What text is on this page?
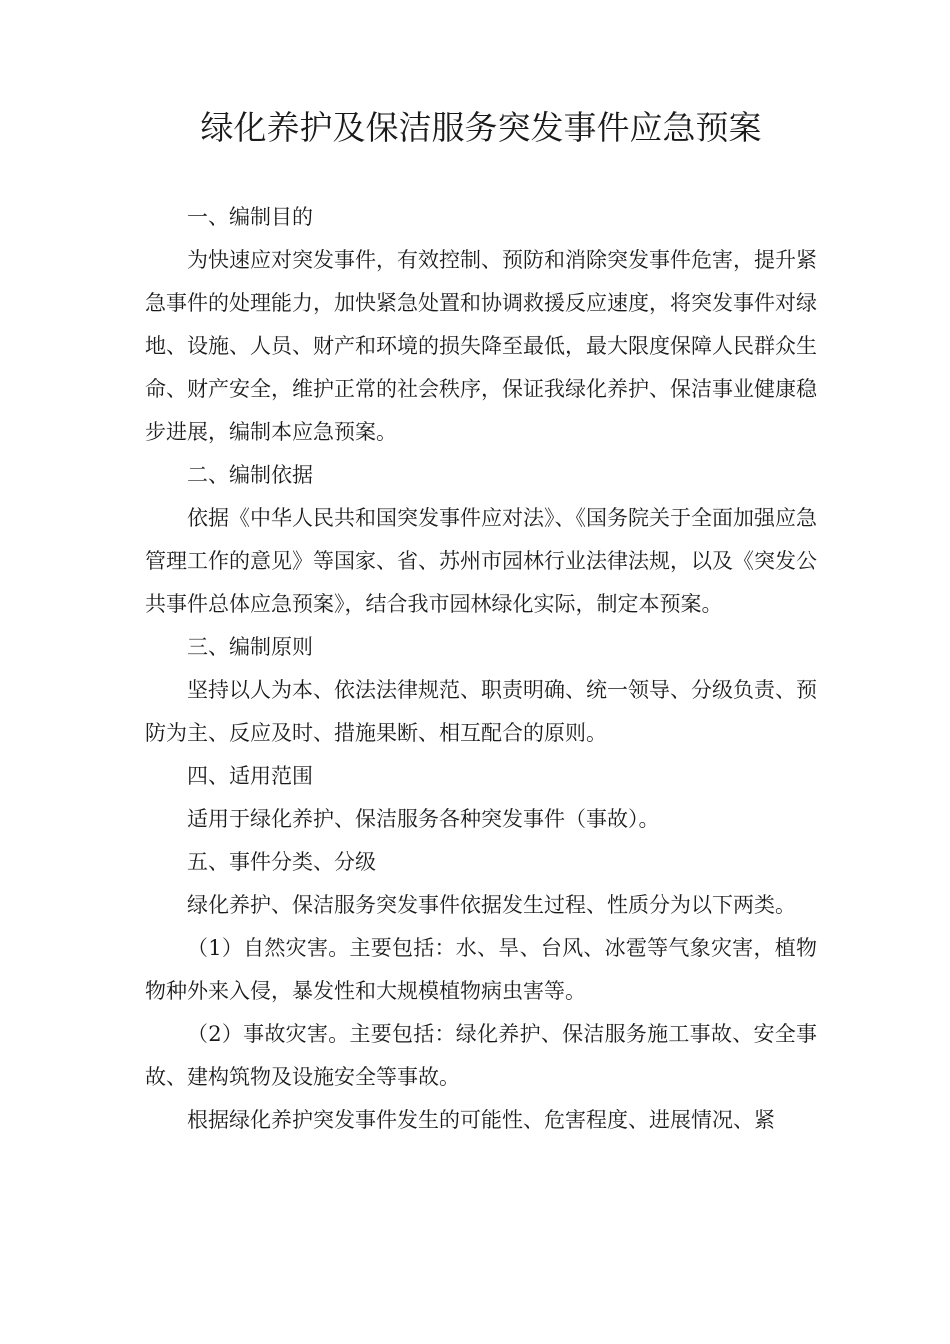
绿化养护及保洁服务突发事件应急预案

一、编制目的

为快速应对突发事件，有效控制、预防和消除突发事件危害，提升紧急事件的处理能力，加快紧急处置和协调救援反应速度，将突发事件对绿地、设施、人员、财产和环境的损失降至最低，最大限度保障人民群众生命、财产安全，维护正常的社会秩序，保证我绿化养护、保洁事业健康稳步进展，编制本应急预案。

二、编制依据

依据《中华人民共和国突发事件应对法》、《国务院关于全面加强应急管理工作的意见》等国家、省、苏州市园林行业法律法规，以及《突发公共事件总体应急预案》，结合我市园林绿化实际，制定本预案。

三、编制原则

坚持以人为本、依法法律规范、职责明确、统一领导、分级负责、预防为主、反应及时、措施果断、相互配合的原则。

四、适用范围

适用于绿化养护、保洁服务各种突发事件（事故）。

五、事件分类、分级

绿化养护、保洁服务突发事件依据发生过程、性质分为以下两类。

（1）自然灾害。主要包括：水、旱、台风、冰雹等气象灾害，植物物种外来入侵，暴发性和大规模植物病虫害等。

（2）事故灾害。主要包括：绿化养护、保洁服务施工事故、安全事故、建构筑物及设施安全等事故。

根据绿化养护突发事件发生的可能性、危害程度、进展情况、紧
